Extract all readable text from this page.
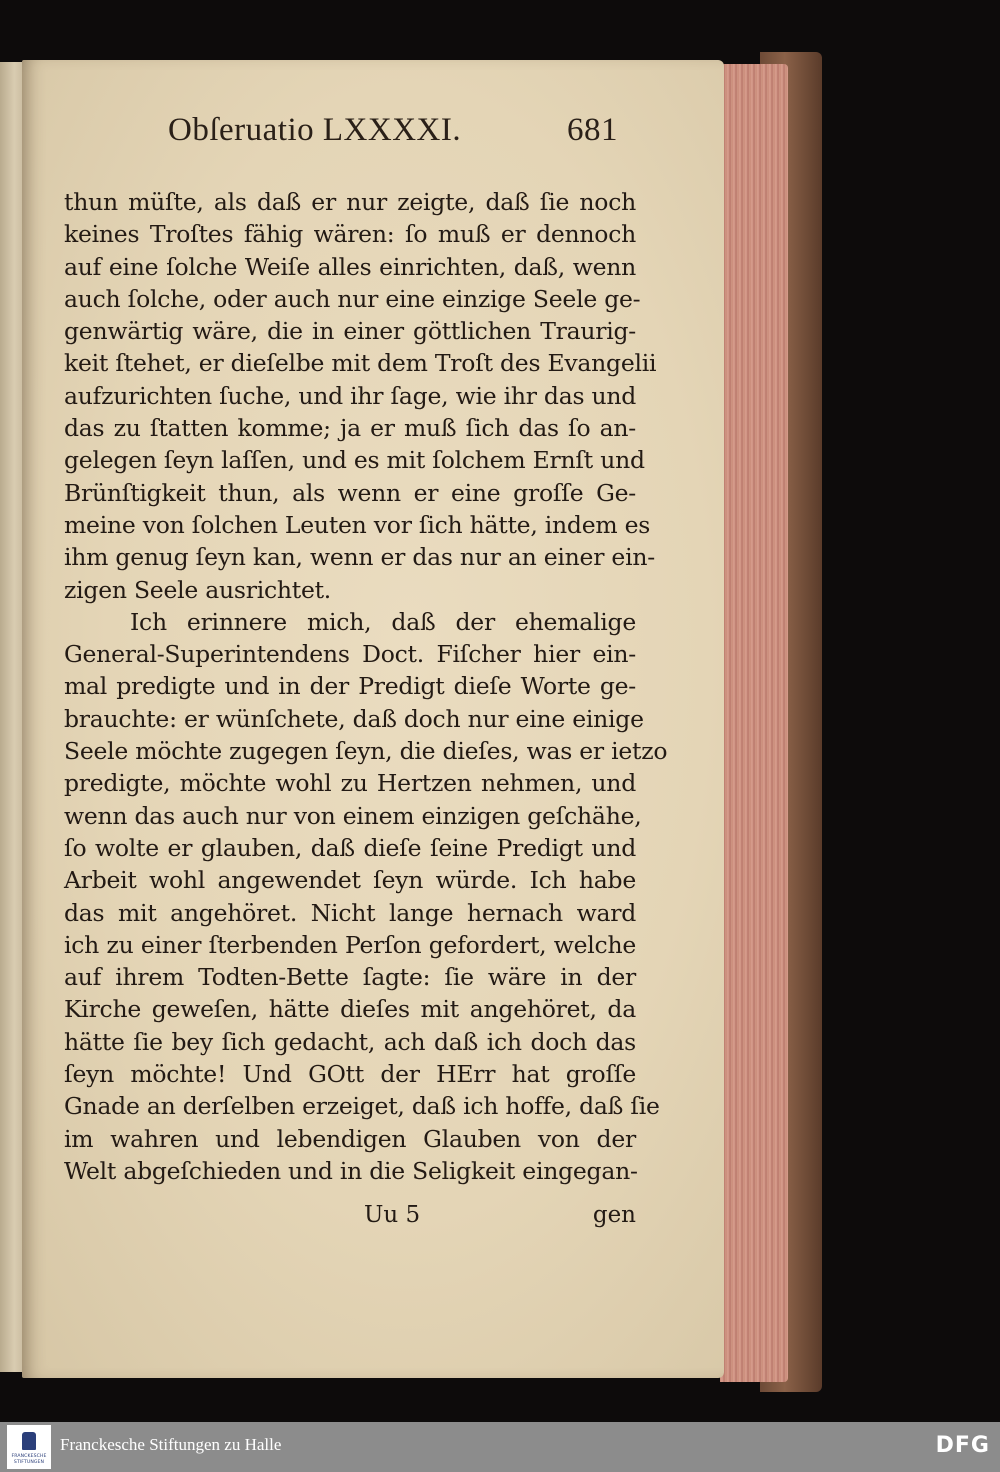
Obſeruatio LXXXXI.	681
thun müſte, als daß er nur zeigte, daß ſie noch
keines Troſtes fähig wären: ſo muß er dennoch
auf eine ſolche Weiſe alles einrichten, daß, wenn
auch ſolche, oder auch nur eine einzige Seele ge-
genwärtig wäre, die in einer göttlichen Traurig-
keit ſtehet, er dieſelbe mit dem Troſt des Evangelii
aufzurichten ſuche, und ihr ſage, wie ihr das und
das zu ſtatten komme; ja er muß ſich das ſo an-
gelegen ſeyn laſſen, und es mit ſolchem Ernſt und
Brünſtigkeit thun, als wenn er eine groſſe Ge-
meine von ſolchen Leuten vor ſich hätte, indem es
ihm genug ſeyn kan, wenn er das nur an einer ein-
zigen Seele ausrichtet.
Ich erinnere mich, daß der ehemalige
General-Superintendens Doct. Fiſcher hier ein-
mal predigte und in der Predigt dieſe Worte ge-
brauchte: er wünſchete, daß doch nur eine einige
Seele möchte zugegen ſeyn, die dieſes, was er ietzo
predigte, möchte wohl zu Hertzen nehmen, und
wenn das auch nur von einem einzigen geſchähe,
ſo wolte er glauben, daß dieſe ſeine Predigt und
Arbeit wohl angewendet ſeyn würde. Ich habe
das mit angehöret. Nicht lange hernach ward
ich zu einer ſterbenden Perſon gefordert, welche
auf ihrem Todten-Bette ſagte: ſie wäre in der
Kirche geweſen, hätte dieſes mit angehöret, da
hätte ſie bey ſich gedacht, ach daß ich doch das
ſeyn möchte! Und GOtt der HErr hat groſſe
Gnade an derſelben erzeiget, daß ich hoffe, daß ſie
im wahren und lebendigen Glauben von der
Welt abgeſchieden und in die Seligkeit eingegan-
Uu 5	gen
FRANCKESCHE STIFTUNGEN
Franckesche Stiftungen zu Halle	DFG
